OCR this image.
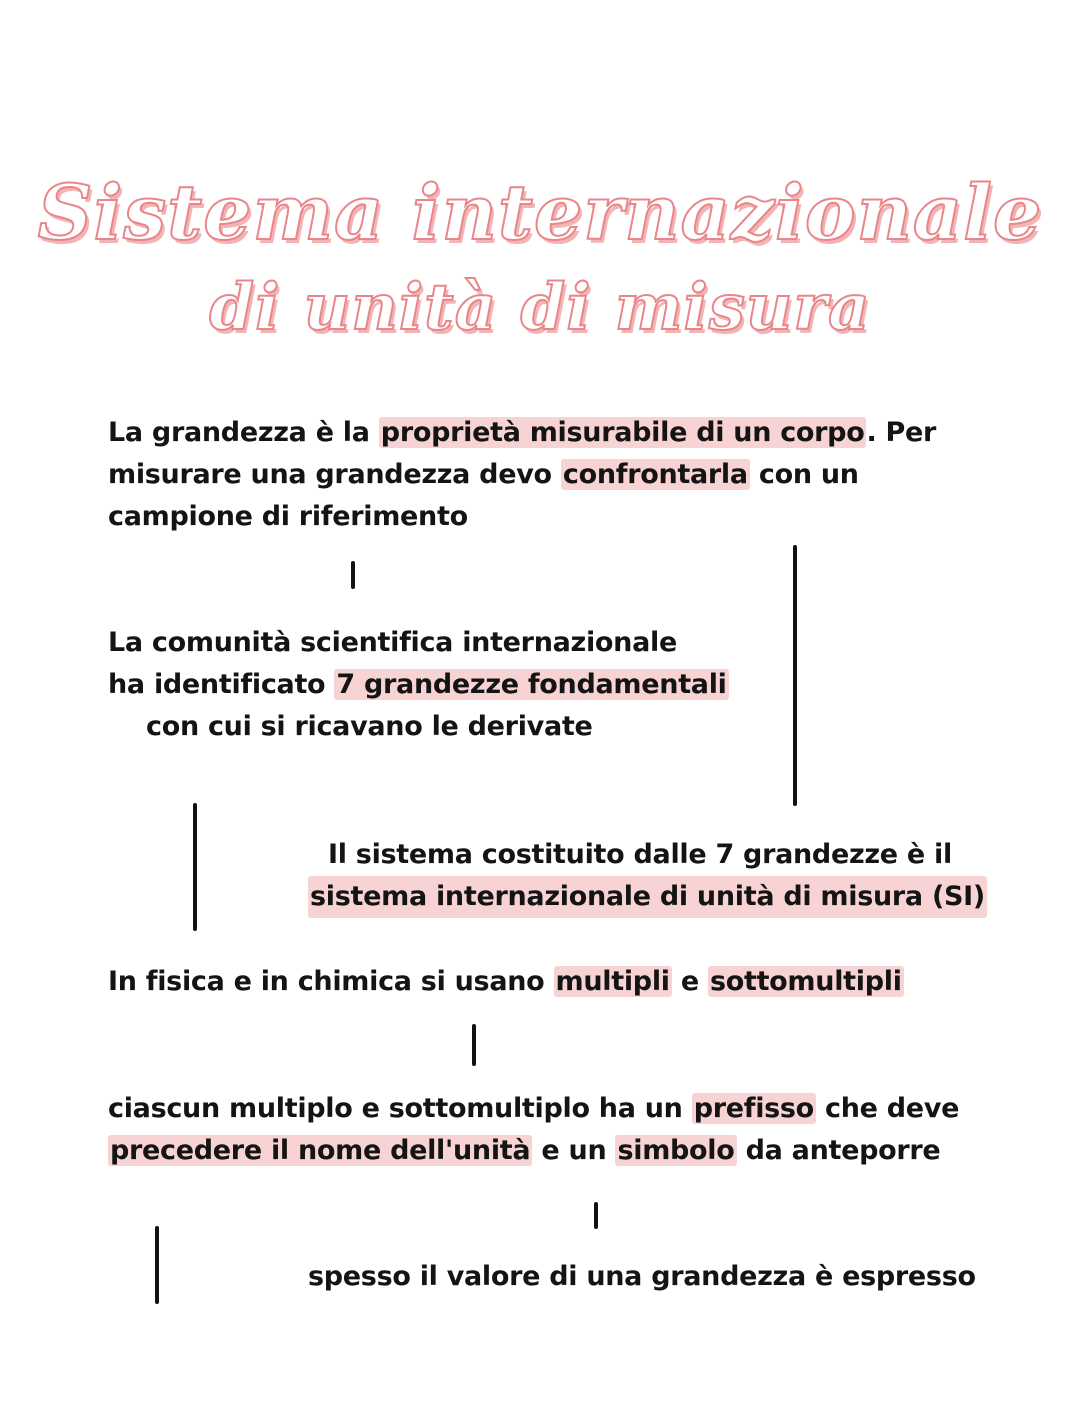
Sistema internazionale
di unità di misura
La grandezza è la proprietà misurabile di un corpo. Per
misurare una grandezza devo confrontarla con un
campione di riferimento
La comunità scientifica internazionale
ha identificato 7 grandezze fondamentali
con cui si ricavano le derivate
Il sistema costituito dalle 7 grandezze è il
sistema internazionale di unità di misura (SI)
In fisica e in chimica si usano multipli e sottomultipli
ciascun multiplo e sottomultiplo ha un prefisso che deve
precedere il nome dell'unità e un simbolo da anteporre
spesso il valore di una grandezza è espresso
